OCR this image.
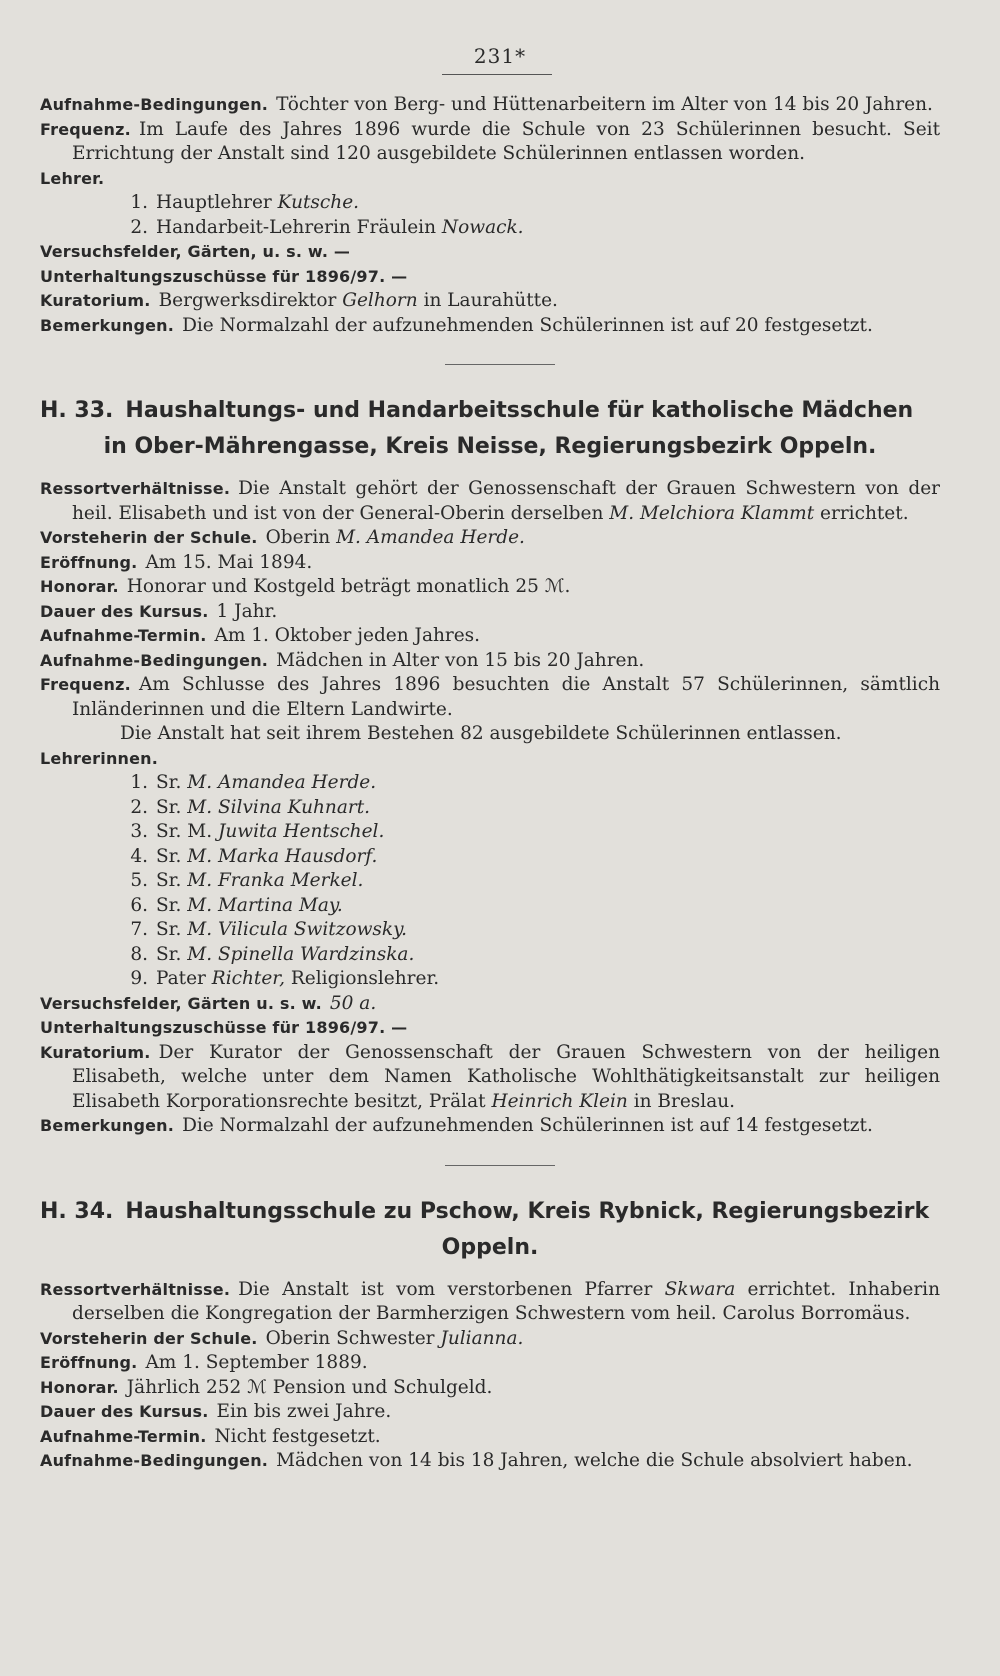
231*

Aufnahme-Bedingungen. Töchter von Berg- und Hüttenarbeitern im Alter von 14 bis 20 Jahren.

Frequenz. Im Laufe des Jahres 1896 wurde die Schule von 23 Schülerinnen besucht. Seit Errichtung der Anstalt sind 120 ausgebildete Schülerinnen entlassen worden.

Lehrer.

1. Hauptlehrer Kutsche.
2. Handarbeit-Lehrerin Fräulein Nowack.

Versuchsfelder, Gärten, u. s. w. —

Unterhaltungszuschüsse für 1896/97. —

Kuratorium. Bergwerksdirektor Gelhorn in Laurahütte.

Bemerkungen. Die Normalzahl der aufzunehmenden Schülerinnen ist auf 20 festgesetzt.

H. 33. Haushaltungs- und Handarbeitsschule für katholische Mädchen
in Ober-Mährengasse, Kreis Neisse, Regierungsbezirk Oppeln.

Ressortverhältnisse. Die Anstalt gehört der Genossenschaft der Grauen Schwestern von der heil. Elisabeth und ist von der General-Oberin derselben M. Melchiora Klammt errichtet.

Vorsteherin der Schule. Oberin M. Amandea Herde.

Eröffnung. Am 15. Mai 1894.

Honorar. Honorar und Kostgeld beträgt monatlich 25 ℳ.

Dauer des Kursus. 1 Jahr.

Aufnahme-Termin. Am 1. Oktober jeden Jahres.

Aufnahme-Bedingungen. Mädchen in Alter von 15 bis 20 Jahren.

Frequenz. Am Schlusse des Jahres 1896 besuchten die Anstalt 57 Schülerinnen, sämtlich Inländerinnen und die Eltern Landwirte.

Die Anstalt hat seit ihrem Bestehen 82 ausgebildete Schülerinnen entlassen.

Lehrerinnen.

1. Sr. M. Amandea Herde.
2. Sr. M. Silvina Kuhnart.
3. Sr. M. Juwita Hentschel.
4. Sr. M. Marka Hausdorf.
5. Sr. M. Franka Merkel.
6. Sr. M. Martina May.
7. Sr. M. Vilicula Switzowsky.
8. Sr. M. Spinella Wardzinska.
9. Pater Richter, Religionslehrer.

Versuchsfelder, Gärten u. s. w. 50 a.

Unterhaltungszuschüsse für 1896/97. —

Kuratorium. Der Kurator der Genossenschaft der Grauen Schwestern von der heiligen Elisabeth, welche unter dem Namen Katholische Wohlthätigkeitsanstalt zur heiligen Elisabeth Korporationsrechte besitzt, Prälat Heinrich Klein in Breslau.

Bemerkungen. Die Normalzahl der aufzunehmenden Schülerinnen ist auf 14 festgesetzt.

H. 34. Haushaltungsschule zu Pschow, Kreis Rybnick, Regierungsbezirk
Oppeln.

Ressortverhältnisse. Die Anstalt ist vom verstorbenen Pfarrer Skwara errichtet. Inhaberin derselben die Kongregation der Barmherzigen Schwestern vom heil. Carolus Borromäus.

Vorsteherin der Schule. Oberin Schwester Julianna.

Eröffnung. Am 1. September 1889.

Honorar. Jährlich 252 ℳ Pension und Schulgeld.

Dauer des Kursus. Ein bis zwei Jahre.

Aufnahme-Termin. Nicht festgesetzt.

Aufnahme-Bedingungen. Mädchen von 14 bis 18 Jahren, welche die Schule absolviert haben.
